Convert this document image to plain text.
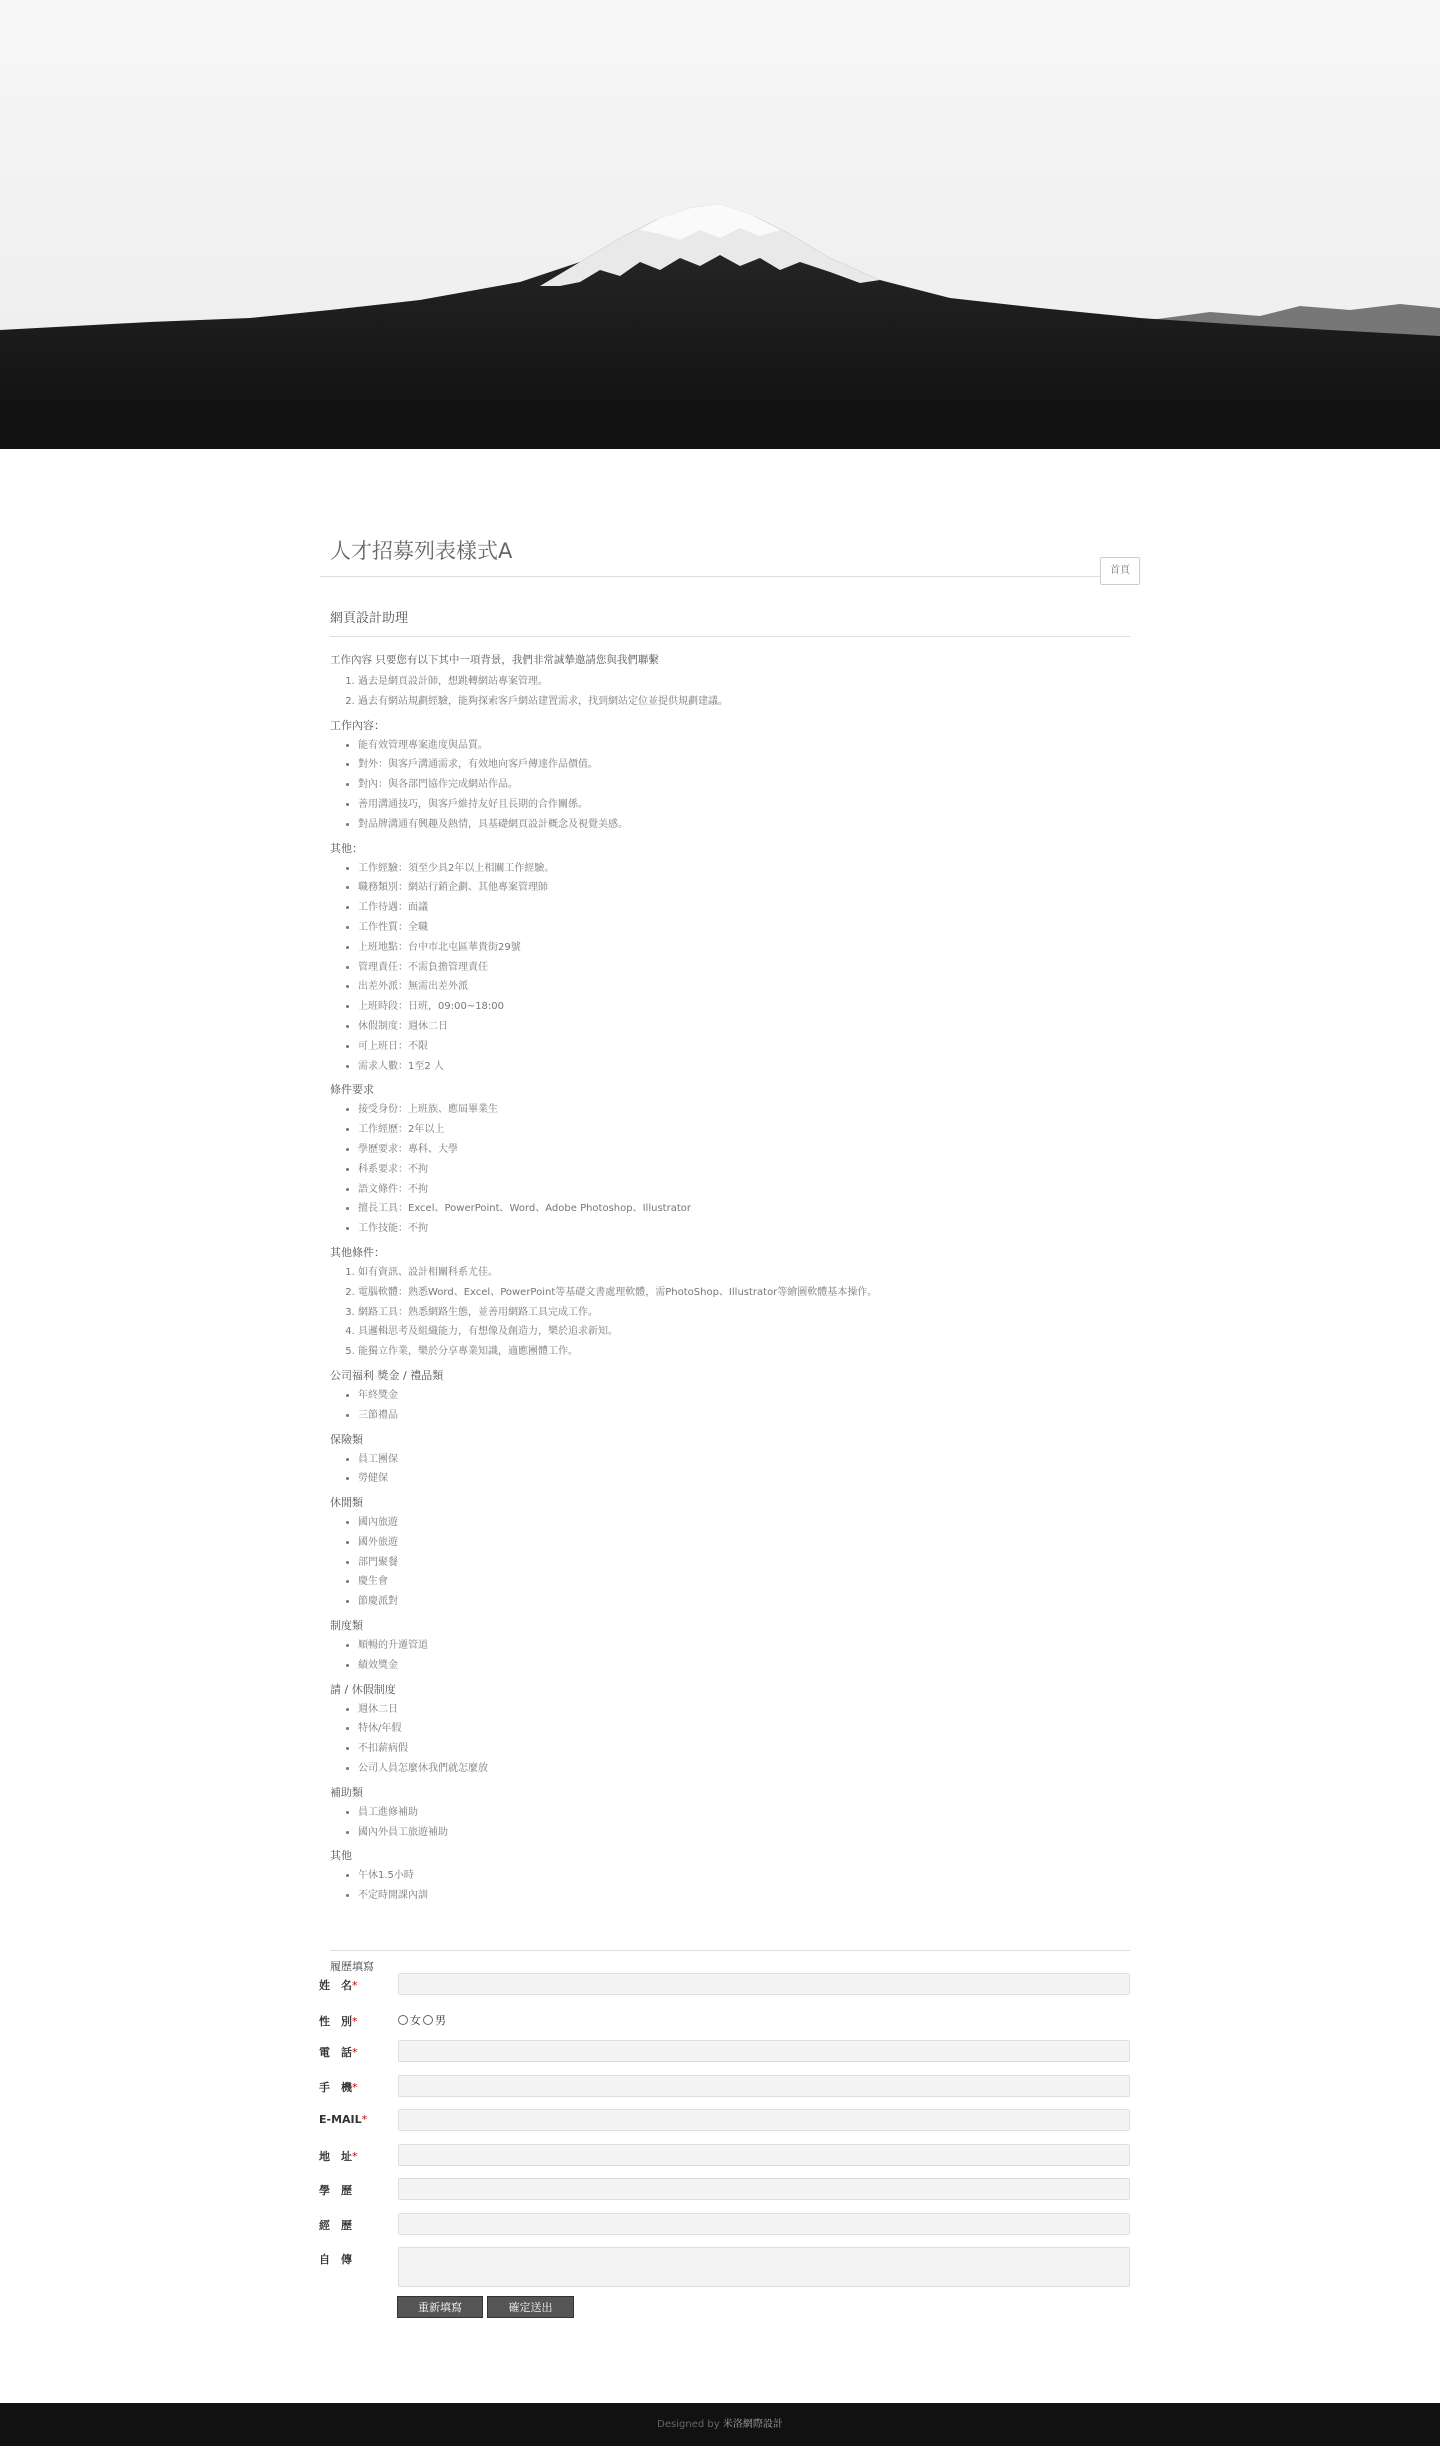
人才招募列表樣式A
首頁
網頁設計助理
工作內容 只要您有以下其中一項背景，我們非常誠摯邀請您與我們聯繫
1. 過去是網頁設計師，想跳轉網站專案管理。
2. 過去有網站規劃經驗，能夠探索客戶網站建置需求，找到網站定位並提供規劃建議。
工作內容：
• 能有效管理專案進度與品質。
• 對外：與客戶溝通需求，有效地向客戶傳達作品價值。
• 對內：與各部門協作完成網站作品。
• 善用溝通技巧，與客戶維持友好且長期的合作關係。
• 對品牌溝通有興趣及熱情，具基礎網頁設計概念及視覺美感。
其他：
• 工作經驗：須至少具2年以上相關工作經驗。
• 職務類別：網站行銷企劃、其他專案管理師
• 工作待遇：面議
• 工作性質：全職
• 上班地點：台中市北屯區華貴街29號
• 管理責任：不需負擔管理責任
• 出差外派：無需出差外派
• 上班時段：日班，09:00~18:00
• 休假制度：週休二日
• 可上班日：不限
• 需求人數：1至2 人
條件要求
• 接受身份：上班族、應屆畢業生
• 工作經歷：2年以上
• 學歷要求：專科、大學
• 科系要求：不拘
• 語文條件：不拘
• 擅長工具：Excel、PowerPoint、Word、Adobe Photoshop、Illustrator
• 工作技能：不拘
其他條件：
1. 如有資訊、設計相關科系尤佳。
2. 電腦軟體：熟悉Word、Excel、PowerPoint等基礎文書處理軟體，需PhotoShop、Illustrator等繪圖軟體基本操作。
3. 網路工具：熟悉網路生態，並善用網路工具完成工作。
4. 具邏輯思考及組織能力，有想像及創造力，樂於追求新知。
5. 能獨立作業，樂於分享專業知識，適應團體工作。
公司福利 獎金 / 禮品類
• 年終獎金
• 三節禮品
保險類
• 員工團保
• 勞健保
休閒類
• 國內旅遊
• 國外旅遊
• 部門聚餐
• 慶生會
• 節慶派對
制度類
• 順暢的升遷管道
• 績效獎金
請 / 休假制度
• 週休二日
• 特休/年假
• 不扣薪病假
• 公司人員怎麼休我們就怎麼放
補助類
• 員工進修補助
• 國內外員工旅遊補助
其他
• 午休1.5小時
• 不定時開課內訓
履歷填寫
姓　名*
性　別*	女 男
電　話*
手　機*
E-MAIL*
地　址*
學　歷
經　歷
自　傳
重新填寫	確定送出
Designed by 米洛網際設計
